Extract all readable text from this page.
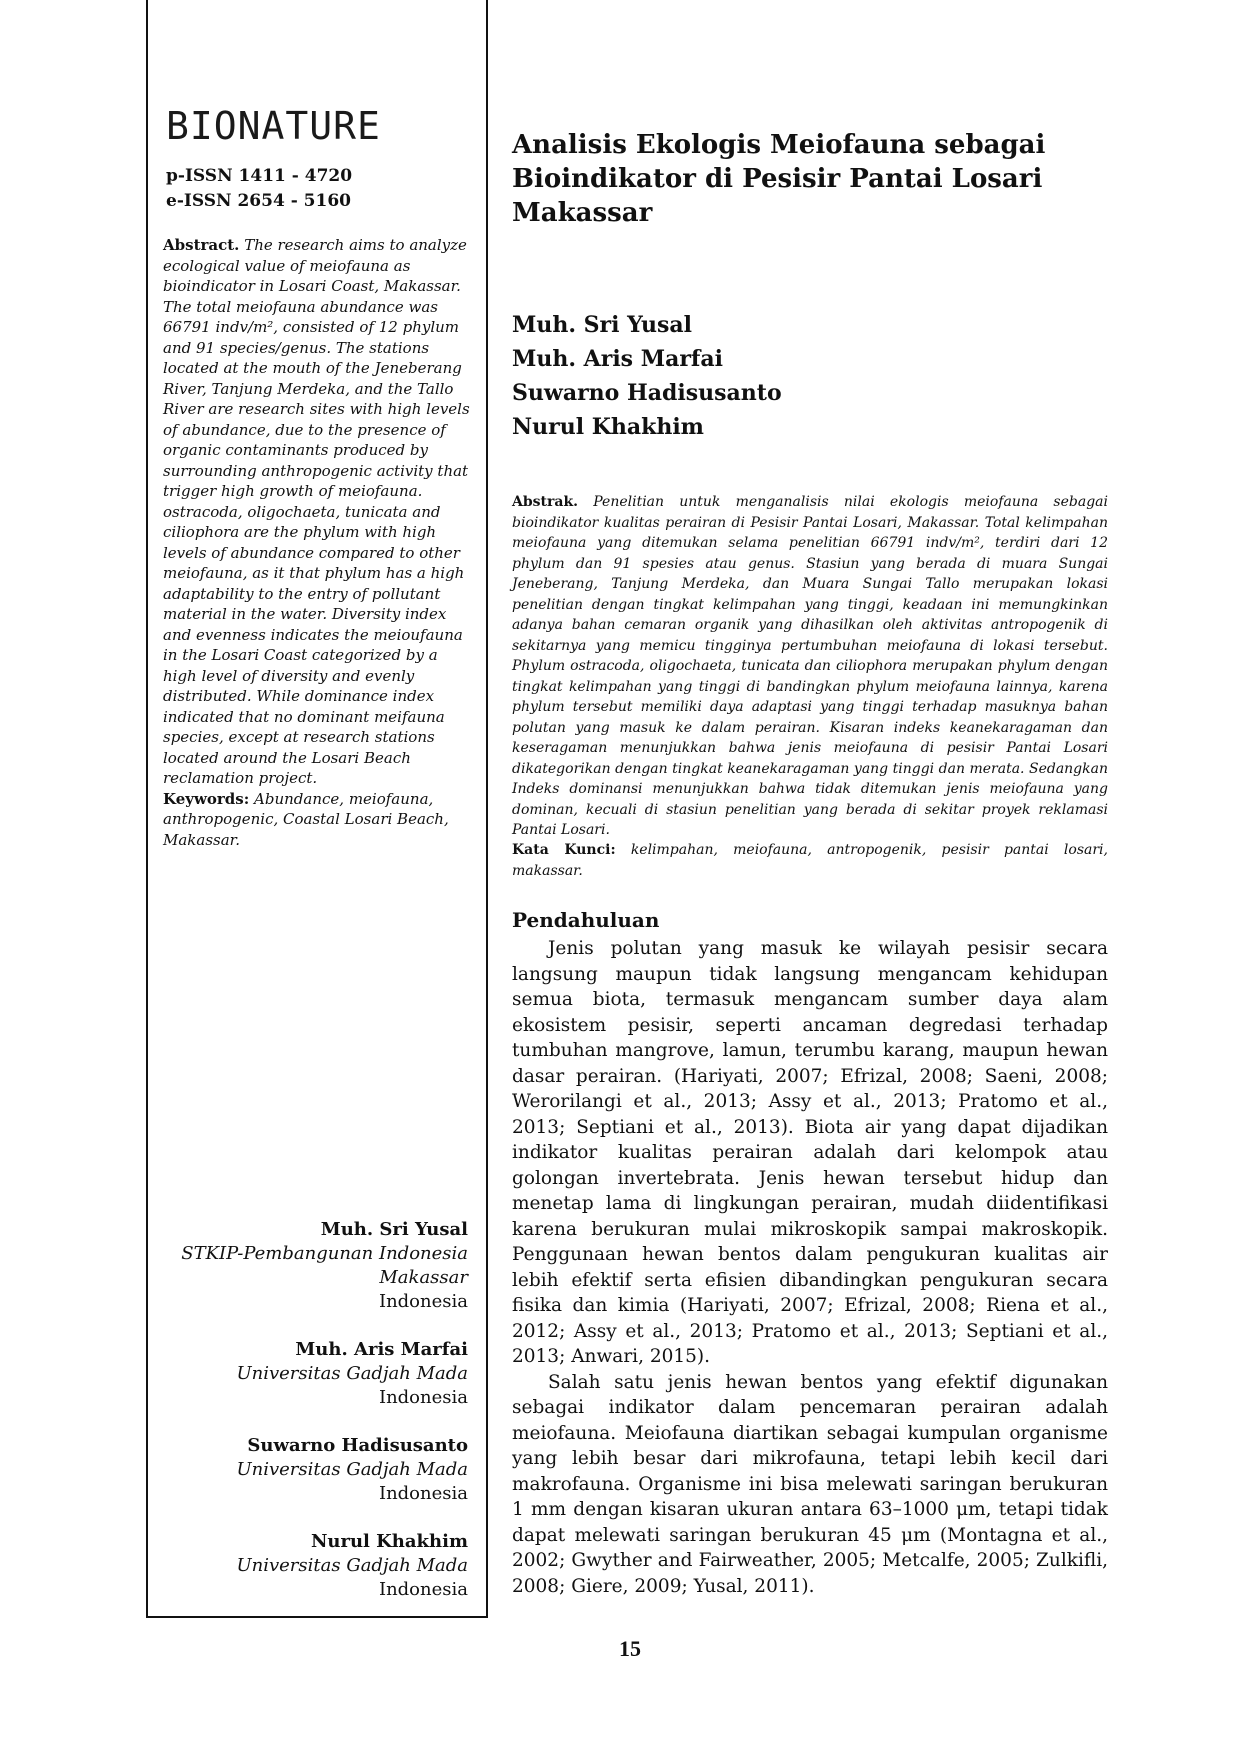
BIONATURE
p-ISSN 1411 - 4720
e-ISSN 2654 - 5160
Abstract. The research aims to analyze ecological value of meiofauna as bioindicator in Losari Coast, Makassar. The total meiofauna abundance was 66791 indv/m², consisted of 12 phylum and 91 species/genus. The stations located at the mouth of the Jeneberang River, Tanjung Merdeka, and the Tallo River are research sites with high levels of abundance, due to the presence of organic contaminants produced by surrounding anthropogenic activity that trigger high growth of meiofauna. ostracoda, oligochaeta, tunicata and ciliophora are the phylum with high levels of abundance compared to other meiofauna, as it that phylum has a high adaptability to the entry of pollutant material in the water. Diversity index and evenness indicates the meioufauna in the Losari Coast categorized by a high level of diversity and evenly distributed. While dominance index indicated that no dominant meifauna species, except at research stations located around the Losari Beach reclamation project.
Keywords: Abundance, meiofauna, anthropogenic, Coastal Losari Beach, Makassar.
Muh. Sri Yusal
STKIP-Pembangunan Indonesia
Makassar
Indonesia
Muh. Aris Marfai
Universitas Gadjah Mada
Indonesia
Suwarno Hadisusanto
Universitas Gadjah Mada
Indonesia
Nurul Khakhim
Universitas Gadjah Mada
Indonesia
Analisis Ekologis Meiofauna sebagai Bioindikator di Pesisir Pantai Losari Makassar
Muh. Sri Yusal
Muh. Aris Marfai
Suwarno Hadisusanto
Nurul Khakhim
Abstrak. Penelitian untuk menganalisis nilai ekologis meiofauna sebagai bioindikator kualitas perairan di Pesisir Pantai Losari, Makassar. Total kelimpahan meiofauna yang ditemukan selama penelitian 66791 indv/m², terdiri dari 12 phylum dan 91 spesies atau genus. Stasiun yang berada di muara Sungai Jeneberang, Tanjung Merdeka, dan Muara Sungai Tallo merupakan lokasi penelitian dengan tingkat kelimpahan yang tinggi, keadaan ini memungkinkan adanya bahan cemaran organik yang dihasilkan oleh aktivitas antropogenik di sekitarnya yang memicu tingginya pertumbuhan meiofauna di lokasi tersebut. Phylum ostracoda, oligochaeta, tunicata dan ciliophora merupakan phylum dengan tingkat kelimpahan yang tinggi di bandingkan phylum meiofauna lainnya, karena phylum tersebut memiliki daya adaptasi yang tinggi terhadap masuknya bahan polutan yang masuk ke dalam perairan. Kisaran indeks keanekaragaman dan keseragaman menunjukkan bahwa jenis meiofauna di pesisir Pantai Losari dikategorikan dengan tingkat keanekaragaman yang tinggi dan merata. Sedangkan Indeks dominansi menunjukkan bahwa tidak ditemukan jenis meiofauna yang dominan, kecuali di stasiun penelitian yang berada di sekitar proyek reklamasi Pantai Losari.
Kata Kunci: kelimpahan, meiofauna, antropogenik, pesisir pantai losari, makassar.
Pendahuluan

Jenis polutan yang masuk ke wilayah pesisir secara langsung maupun tidak langsung mengancam kehidupan semua biota, termasuk mengancam sumber daya alam ekosistem pesisir, seperti ancaman degredasi terhadap tumbuhan mangrove, lamun, terumbu karang, maupun hewan dasar perairan. (Hariyati, 2007; Efrizal, 2008; Saeni, 2008; Werorilangi et al., 2013; Assy et al., 2013; Pratomo et al., 2013; Septiani et al., 2013). Biota air yang dapat dijadikan indikator kualitas perairan adalah dari kelompok atau golongan invertebrata. Jenis hewan tersebut hidup dan menetap lama di lingkungan perairan, mudah diidentifikasi karena berukuran mulai mikroskopik sampai makroskopik. Penggunaan hewan bentos dalam pengukuran kualitas air lebih efektif serta efisien dibandingkan pengukuran secara fisika dan kimia (Hariyati, 2007; Efrizal, 2008; Riena et al., 2012; Assy et al., 2013; Pratomo et al., 2013; Septiani et al., 2013; Anwari, 2015).

Salah satu jenis hewan bentos yang efektif digunakan sebagai indikator dalam pencemaran perairan adalah meiofauna. Meiofauna diartikan sebagai kumpulan organisme yang lebih besar dari mikrofauna, tetapi lebih kecil dari makrofauna. Organisme ini bisa melewati saringan berukuran 1 mm dengan kisaran ukuran antara 63–1000 μm, tetapi tidak dapat melewati saringan berukuran 45 μm (Montagna et al., 2002; Gwyther and Fairweather, 2005; Metcalfe, 2005; Zulkifli, 2008; Giere, 2009; Yusal, 2011).

15
